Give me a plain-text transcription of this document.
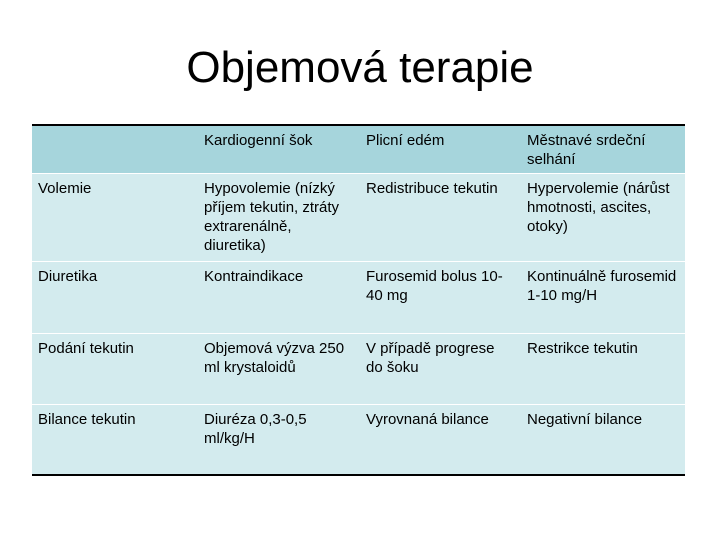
Objemová terapie

	Kardiogenní šok	Plicní edém	Městnavé srdeční selhání

Volemie	Hypovolemie (nízký příjem tekutin, ztráty extrarenálně, diuretika)	Redistribuce tekutin	Hypervolemie (nárůst hmotnosti, ascites, otoky)

Diuretika	Kontraindikace	Furosemid bolus 10-40 mg	Kontinuálně furosemid 1-10 mg/H

Podání tekutin	Objemová výzva 250 ml krystaloidů	V případě progrese do šoku	Restrikce tekutin

Bilance tekutin	Diuréza 0,3-0,5 ml/kg/H	Vyrovnaná bilance	Negativní bilance
